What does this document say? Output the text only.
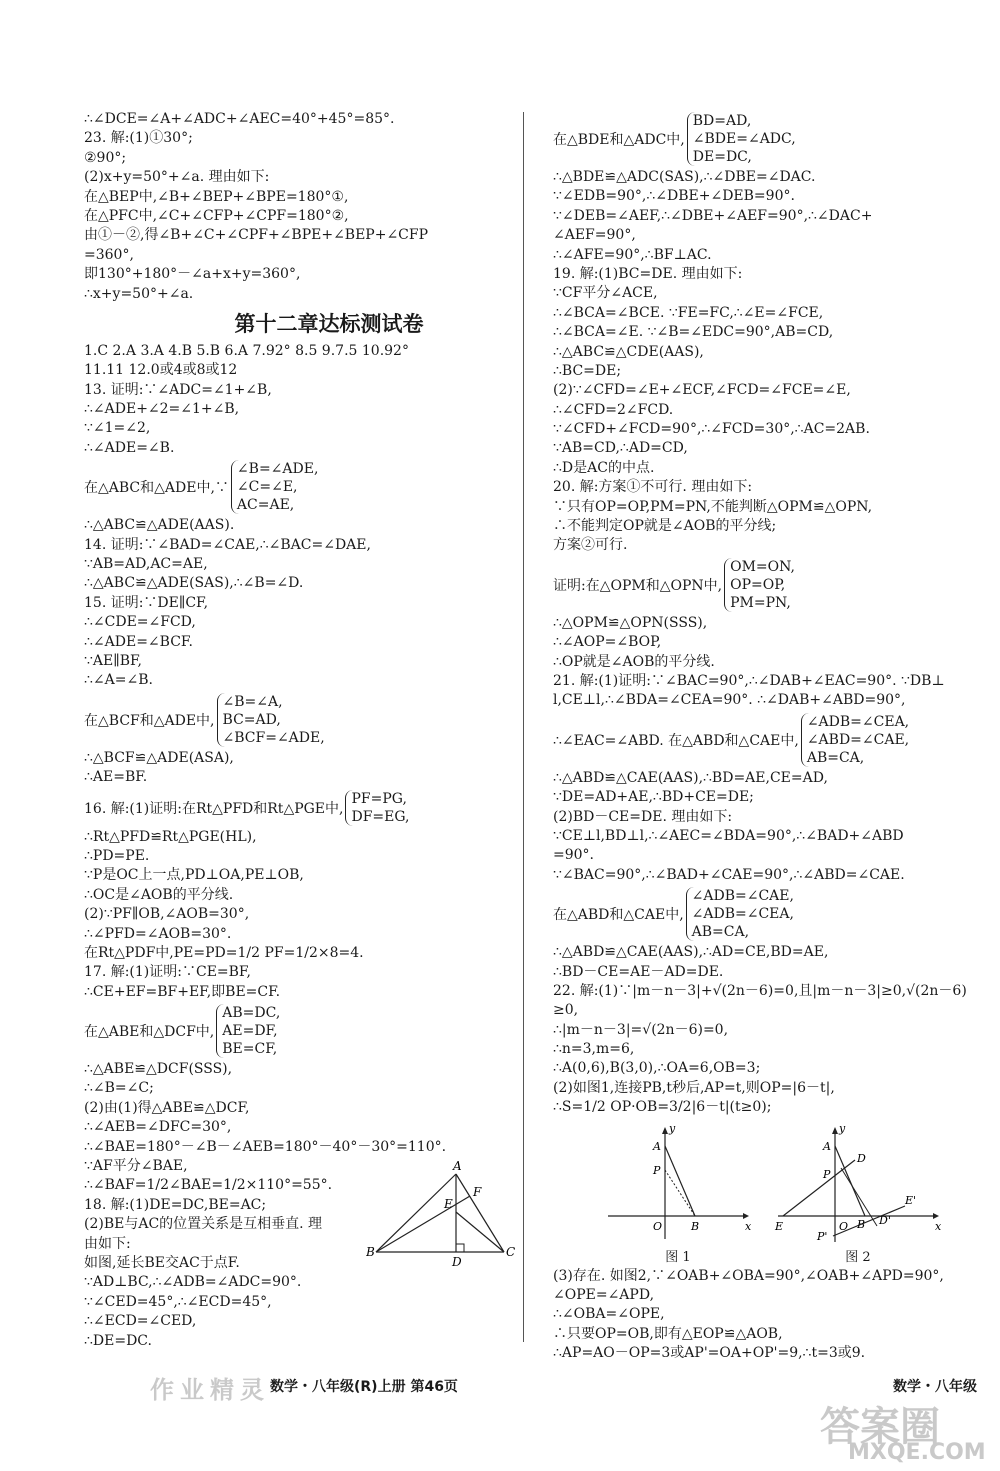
∴∠DCE=∠A+∠ADC+∠AEC=40°+45°=85°.
23. 解:(1)①30°;
②90°;
(2)x+y=50°+∠a. 理由如下:
在△BEP中,∠B+∠BEP+∠BPE=180°①,
在△PFC中,∠C+∠CFP+∠CPF=180°②,
由①－②,得∠B+∠C+∠CPF+∠BPE+∠BEP+∠CFP
=360°,
即130°+180°－∠a+x+y=360°,
∴x+y=50°+∠a.
第十二章达标测试卷
1.C 2.A 3.A 4.B 5.B 6.A 7.92° 8.5 9.7.5 10.92°
11.11 12.0或4或8或12
13. 证明:∵∠ADC=∠1+∠B,
∴∠ADE+∠2=∠1+∠B,
∵∠1=∠2,
∴∠ADE=∠B.
在△ABC和△ADE中,∵
∠B=∠ADE,
∠C=∠E,
AC=AE,
∴△ABC≌△ADE(AAS).
14. 证明:∵∠BAD=∠CAE,∴∠BAC=∠DAE,
∵AB=AD,AC=AE,
∴△ABC≌△ADE(SAS),∴∠B=∠D.
15. 证明:∵DE∥CF,
∴∠CDE=∠FCD,
∴∠ADE=∠BCF.
∵AE∥BF,
∴∠A=∠B.
在△BCF和△ADE中,
∠B=∠A,
BC=AD,
∠BCF=∠ADE,
∴△BCF≌△ADE(ASA),
∴AE=BF.
16. 解:(1)证明:在Rt△PFD和Rt△PGE中,
PF=PG,
DF=EG,
∴Rt△PFD≌Rt△PGE(HL),
∴PD=PE.
∵P是OC上一点,PD⊥OA,PE⊥OB,
∴OC是∠AOB的平分线.
(2)∵PF∥OB,∠AOB=30°,
∴∠PFD=∠AOB=30°.
在Rt△PDF中,PE=PD=1/2 PF=1/2×8=4.
17. 解:(1)证明:∵CE=BF,
∴CE+EF=BF+EF,即BE=CF.
在△ABE和△DCF中,
AB=DC,
AE=DF,
BE=CF,
∴△ABE≌△DCF(SSS),
∴∠B=∠C;
(2)由(1)得△ABE≌△DCF,
∴∠AEB=∠DFC=30°,
∴∠BAE=180°－∠B－∠AEB=180°－40°－30°=110°.
∵AF平分∠BAE,
∴∠BAF=1/2∠BAE=1/2×110°=55°.
18. 解:(1)DE=DC,BE=AC;
(2)BE与AC的位置关系是互相垂直. 理
由如下:
如图,延长BE交AC于点F.
∵AD⊥BC,∴∠ADB=∠ADC=90°.
∵∠CED=45°,∴∠ECD=45°,
∴∠ECD=∠CED,
∴DE=DC.
A
B	C
D
E
F
在△BDE和△ADC中,
BD=AD,
∠BDE=∠ADC,
DE=DC,
∴△BDE≌△ADC(SAS),∴∠DBE=∠DAC.
∵∠EDB=90°,∴∠DBE+∠DEB=90°.
∵∠DEB=∠AEF,∴∠DBE+∠AEF=90°,∴∠DAC+
∠AEF=90°,
∴∠AFE=90°,∴BF⊥AC.
19. 解:(1)BC=DE. 理由如下:
∵CF平分∠ACE,
∴∠BCA=∠BCE. ∵FE=FC,∴∠E=∠FCE,
∴∠BCA=∠E. ∵∠B=∠EDC=90°,AB=CD,
∴△ABC≌△CDE(AAS),
∴BC=DE;
(2)∵∠CFD=∠E+∠ECF,∠FCD=∠FCE=∠E,
∴∠CFD=2∠FCD.
∵∠CFD+∠FCD=90°,∴∠FCD=30°,∴AC=2AB.
∵AB=CD,∴AD=CD,
∴D是AC的中点.
20. 解:方案①不可行. 理由如下:
∵只有OP=OP,PM=PN,不能判断△OPM≌△OPN,
∴不能判定OP就是∠AOB的平分线;
方案②可行.
证明:在△OPM和△OPN中,
OM=ON,
OP=OP,
PM=PN,
∴△OPM≌△OPN(SSS),
∴∠AOP=∠BOP,
∴OP就是∠AOB的平分线.
21. 解:(1)证明:∵∠BAC=90°,∴∠DAB+∠EAC=90°. ∵DB⊥
l,CE⊥l,∴∠BDA=∠CEA=90°. ∴∠DAB+∠ABD=90°,
∴∠EAC=∠ABD. 在△ABD和△CAE中,
∠ADB=∠CEA,
∠ABD=∠CAE,
AB=CA,
∴△ABD≌△CAE(AAS),∴BD=AE,CE=AD,
∵DE=AD+AE,∴BD+CE=DE;
(2)BD－CE=DE. 理由如下:
∵CE⊥l,BD⊥l,∴∠AEC=∠BDA=90°,∴∠BAD+∠ABD
=90°.
∵∠BAC=90°,∴∠BAD+∠CAE=90°,∴∠ABD=∠CAE.
在△ABD和△CAE中,
∠ADB=∠CAE,
∠ADB=∠CEA,
AB=CA,
∴△ABD≌△CAE(AAS),∴AD=CE,BD=AE,
∴BD－CE=AE－AD=DE.
22. 解:(1)∵|m－n－3|+√(2n－6)=0,且|m－n－3|≥0,√(2n－6)
≥0,
∴|m－n－3|=√(2n－6)=0,
∴n=3,m=6,
∴A(0,6),B(3,0),∴OA=6,OB=3;
(2)如图1,连接PB,t秒后,AP=t,则OP=|6－t|,
∴S=1/2 OP·OB=3/2|6－t|(t≥0);
y
x
O
A
P
B
图 1
y
x
O
A
P
D
E	B
E'
D'
P'
图 2
(3)存在. 如图2,∵∠OAB+∠OBA=90°,∠OAB+∠APD=90°,
∠OPE=∠APD,
∴∠OBA=∠OPE,
∴只要OP=OB,即有△EOP≌△AOB,
∴AP=AO－OP=3或AP'=OA+OP'=9,∴t=3或9.
数学・八年级(R)上册 第46页	数学・八年级
作业精灵
答案圈
MXQE.COM
